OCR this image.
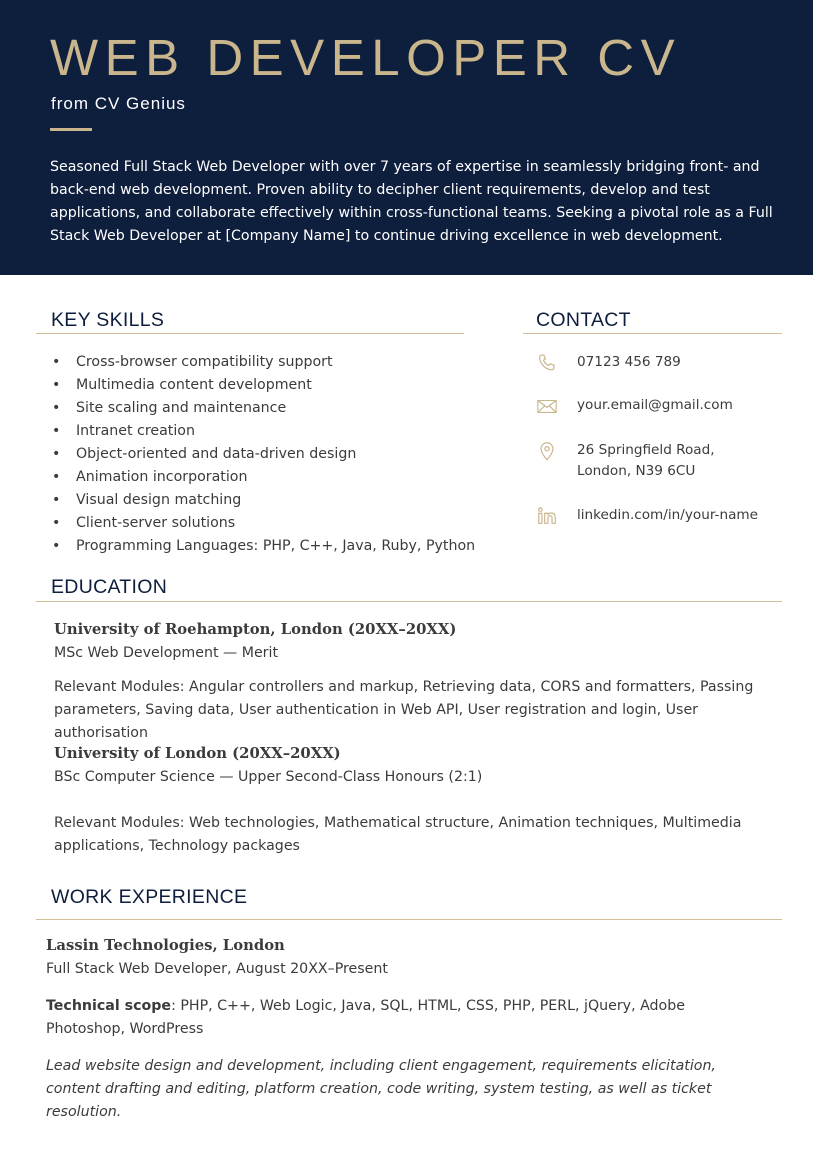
WEB DEVELOPER CV
from CV Genius
Seasoned Full Stack Web Developer with over 7 years of expertise in seamlessly bridging front- and back-end web development. Proven ability to decipher client requirements, develop and test applications, and collaborate effectively within cross-functional teams. Seeking a pivotal role as a Full Stack Web Developer at [Company Name] to continue driving excellence in web development.
KEY SKILLS
• Cross-browser compatibility support
• Multimedia content development
• Site scaling and maintenance
• Intranet creation
• Object-oriented and data-driven design
• Animation incorporation
• Visual design matching
• Client-server solutions
• Programming Languages: PHP, C++, Java, Ruby, Python
CONTACT
07123 456 789
your.email@gmail.com
26 Springfield Road,
London, N39 6CU
linkedin.com/in/your-name
EDUCATION
University of Roehampton, London (20XX–20XX)
MSc Web Development — Merit
Relevant Modules: Angular controllers and markup, Retrieving data, CORS and formatters, Passing parameters, Saving data, User authentication in Web API, User registration and login, User authorisation
University of London (20XX–20XX)
BSc Computer Science — Upper Second-Class Honours (2:1)
Relevant Modules: Web technologies, Mathematical structure, Animation techniques, Multimedia applications, Technology packages
WORK EXPERIENCE
Lassin Technologies, London
Full Stack Web Developer, August 20XX–Present
Technical scope: PHP, C++, Web Logic, Java, SQL, HTML, CSS, PHP, PERL, jQuery, Adobe Photoshop, WordPress
Lead website design and development, including client engagement, requirements elicitation, content drafting and editing, platform creation, code writing, system testing, as well as ticket resolution.
